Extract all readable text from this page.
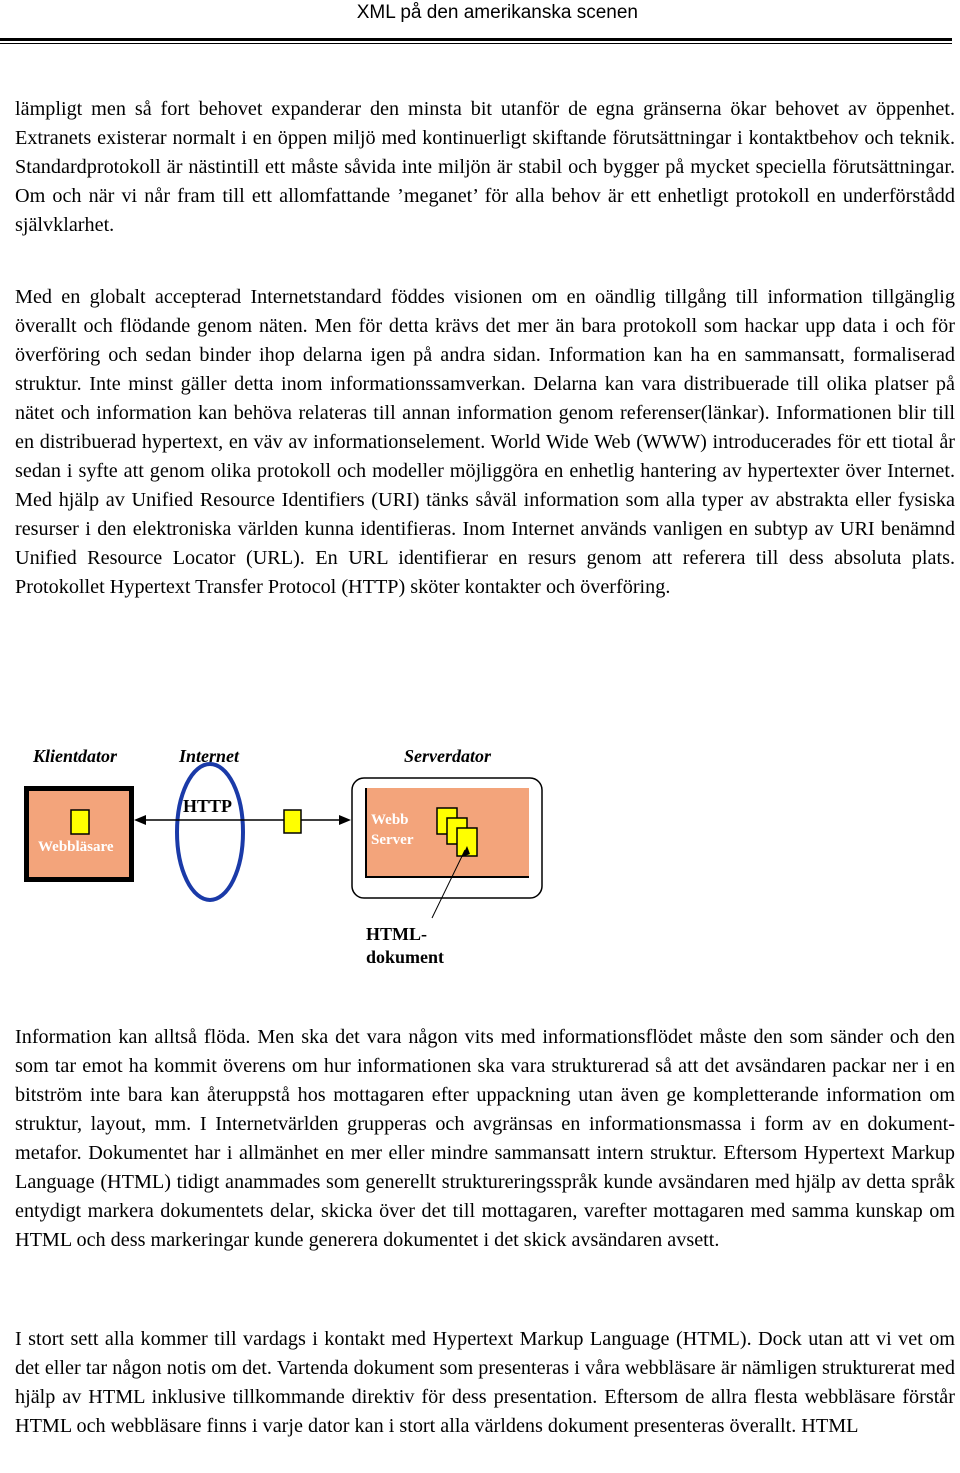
XML på den amerikanska scenen

lämpligt men så fort behovet expanderar den minsta bit utanför de egna gränserna ökar behovet av öppenhet. Extranets existerar normalt i en öppen miljö med kontinuerligt skiftande förutsättningar i kontaktbehov och teknik. Standardprotokoll är nästintill ett måste såvida inte miljön är stabil och bygger på mycket speciella förutsättningar. Om och när vi når fram till ett allomfattande ’meganet’ för alla behov är ett enhetligt protokoll en underförstådd självklarhet.

Med en globalt accepterad Internetstandard föddes visionen om en oändlig tillgång till information tillgänglig överallt och flödande genom näten. Men för detta krävs det mer än bara protokoll som hackar upp data i och för överföring och sedan binder ihop delarna igen på andra sidan. Information kan ha en sammansatt, formaliserad struktur. Inte minst gäller detta inom informationssamverkan. Delarna kan vara distribuerade till olika platser på nätet och information kan behöva relateras till annan information genom referenser(länkar). Informationen blir till en distribuerad hypertext, en väv av informationselement. World Wide Web (WWW) introducerades för ett tiotal år sedan i syfte att genom olika protokoll och modeller möjliggöra en enhetlig hantering av hypertexter över Internet. Med hjälp av Unified Resource Identifiers (URI) tänks såväl information som alla typer av abstrakta eller fysiska resurser i den elektroniska världen kunna identifieras. Inom Internet används vanligen en subtyp av URI benämnd Unified Resource Locator (URL). En URL identifierar en resurs genom att referera till dess absoluta plats. Protokollet Hypertext Transfer Protocol (HTTP) sköter kontakter och överföring.

Klientdator	Internet	Serverdator
HTTP
Webbläsare
Webb
Server
HTML-
dokument

Information kan alltså flöda. Men ska det vara någon vits med informationsflödet måste den som sänder och den som tar emot ha kommit överens om hur informationen ska vara strukturerad så att det avsändaren packar ner i en bitström inte bara kan återuppstå hos mottagaren efter uppackning utan även ge kompletterande information om struktur, layout, mm. I Internetvärlden grupperas och avgränsas en informationsmassa i form av en dokument-metafor. Dokumentet har i allmänhet en mer eller mindre sammansatt intern struktur. Eftersom Hypertext Markup Language (HTML) tidigt anammades som generellt struktureringsspråk kunde avsändaren med hjälp av detta språk entydigt markera dokumentets delar, skicka över det till mottagaren, varefter mottagaren med samma kunskap om HTML och dess markeringar kunde generera dokumentet i det skick avsändaren avsett.

I stort sett alla kommer till vardags i kontakt med Hypertext Markup Language (HTML). Dock utan att vi vet om det eller tar någon notis om det. Vartenda dokument som presenteras i våra webbläsare är nämligen strukturerat med hjälp av HTML inklusive tillkommande direktiv för dess presentation. Eftersom de allra flesta webbläsare förstår HTML och webbläsare finns i varje dator kan i stort alla världens dokument presenteras överallt. HTML
